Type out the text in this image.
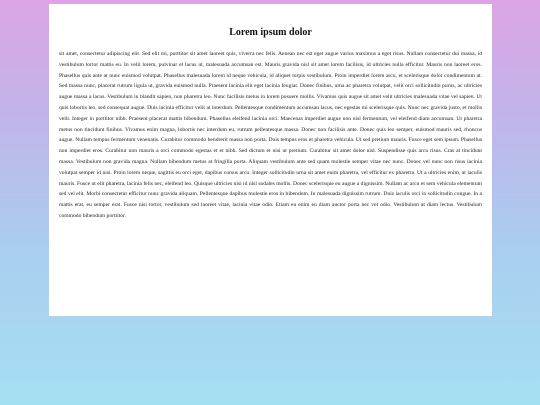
Lorem ipsum dolor

sit amet, consectetur adipiscing elit. Sed elit mi, porttitor sit amet laoreet quis, viverra nec felis. Aenean nec est eget augue varius maximus a eget risus. Nullam consectetur dui massa, id vestibulum tortor mattis eu. In velit lorem, pulvinar et lacus ut, malesuada accumsan est. Mauris gravida nisl sit amet lorem facilisis, id ultricies nulla efficitur. Mauris non laoreet eros. Phasellus quis ante at nunc euismod volutpat. Phasellus malesuada lorem id neque vehicula, id aliquet turpis vestibulum. Proin imperdiet lorem arcu, et scelerisque dolor condimentum at. Sed massa nunc, placerat rutrum ligula ut, gravida euismod nulla. Praesent lacinia elit eget lacinia feugiat. Donec finibus, urna ac pharetra volutpat, velit orci sollicitudin purus, ac ultricies augue massa a lacus. Vestibulum in blandit sapien, non pharetra leo. Nunc facilisis metus in lorem posuere mollis. Vivamus quis augue sit amet velit ultricies malesuada vitae vel sapien. Ut quis lobortis leo, sed consequat augue. Duis lacinia efficitur velit at interdum. Pellentesque condimentum accumsan lacus, nec egestas mi scelerisque quis. Nunc nec gravida justo, et mollis velit. Integer in porttitor nibh. Praesent placerat mattis bibendum. Phasellus eleifend lacinia orci. Maecenas imperdiet augue non nisl fermentum, vel eleifend diam accumsan. Ut pharetra metus non tincidunt finibus. Vivamus enim magna, lobortis nec interdum eu, rutrum pellentesque massa. Donec non facilisis ante. Donec quis leo semper, euismod mauris sed, rhoncus augue. Nullam tempus fermentum venenatis. Curabitur commodo hendrerit massa non porta. Duis tempus eros et pharetra vehicula. Ut sed pretium mauris. Fusce eget sem ipsum. Phasellus non imperdiet eros. Curabitur non mauris a orci commodo egestas et et nibh. Sed dictum et nisi ut pretium. Curabitur sit amet dolor nisl. Suspendisse quis arcu risus. Cras at tincidunt massa. Vestibulum non gravida magna. Nullam bibendum metus at fringilla porta. Aliquam vestibulum ante sed quam molestie semper vitae nec nunc. Donec vel nunc non risus lacinia volutpat semper id nisi. Proin lorem neque, sagittis eu orci eget, dapibus cursus arcu. Integer sollicitudin urna sit amet enim pharetra, vel efficitur ex pharetra. Ut a ultricies enim, at iaculis mauris. Fusce ut elit pharetra, lacinia felis nec, eleifend leo. Quisque ultricies nisi id nisl sodales mollis. Donec scelerisque eu augue a dignissim. Nullam ac arcu et sem vehicula elementum sed vel elit. Morbi consectetur efficitur nunc gravida aliquam. Pellentesque dapibus molestie eros in bibendum. In malesuada dignissim rutrum. Duis iaculis orci in sollicitudin congue. In a mattis erat, eu semper erat. Fusce nisi tortor, vestibulum sed laoreet vitae, lacinia vitae odio. Etiam eu enim eu diam auctor porta nec vel odio. Vestibulum at diam lectus. Vestibulum commodo bibendum porttitor.
